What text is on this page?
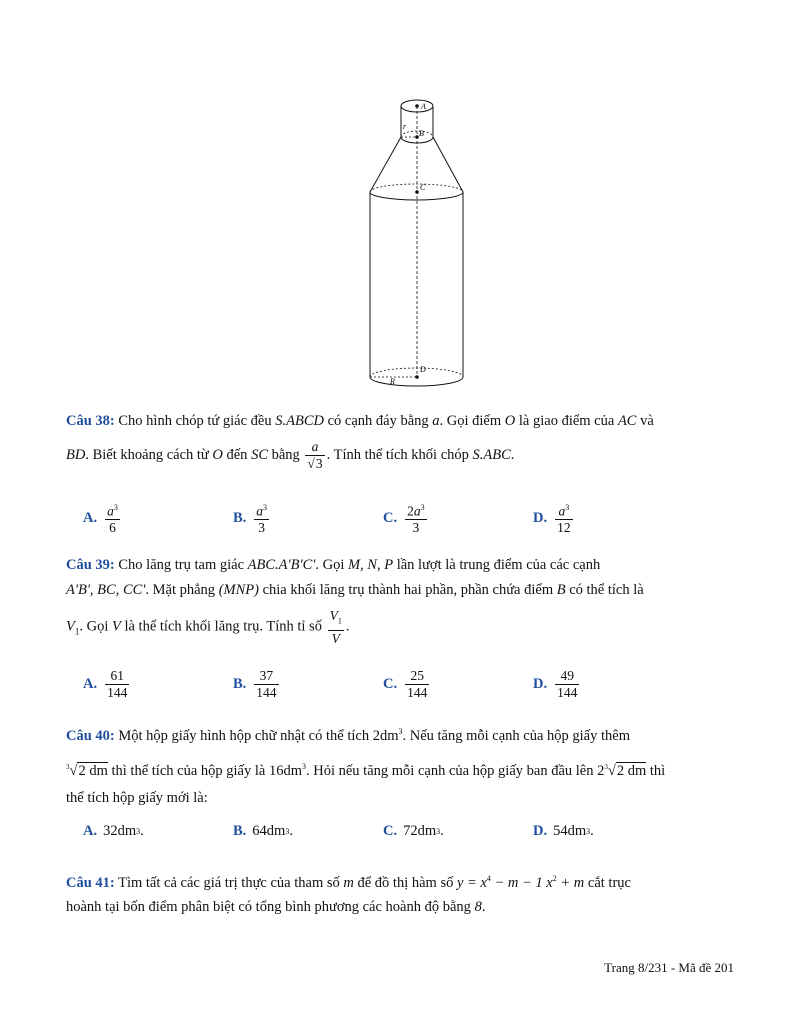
A
r
B
C
D
R
Câu 38: Cho hình chóp tứ giác đều S.ABCD có cạnh đáy bằng a. Gọi điểm O là giao điểm của AC và
BD. Biết khoảng cách từ O đến SC bằng $\frac{a}{√3}$ . Tính thể tích khối chóp S.ABC.
A. $\frac{a^3}{6}$	B. $\frac{a^3}{3}$	C. $\frac{2a^3}{3}$	D. $\frac{a^3}{12}$
Câu 39: Cho lăng trụ tam giác ABC.A'B'C'. Gọi M, N, P lần lượt là trung điểm của các cạnh
A'B', BC, CC'. Mặt phẳng (MNP) chia khối lăng trụ thành hai phần, phần chứa điểm B có thể tích là
$V_1$. Gọi V là thể tích khối lăng trụ. Tính tỉ số $\frac{V_1}{V}$ .
A. $\frac{61}{144}$	B. $\frac{37}{144}$	C. $\frac{25}{144}$	D. $\frac{49}{144}$
Câu 40: Một hộp giấy hình hộp chữ nhật có thể tích $2dm^3$. Nếu tăng mỗi cạnh của hộp giấy thêm
$^3$√2 dm thì thể tích của hộp giấy là $16dm^3$. Hỏi nếu tăng mỗi cạnh của hộp giấy ban đầu lên $2^3√2$ dm thì
thể tích hộp giấy mới là:
A. 32dm 3 .	B. 64dm 3 .	C. 72dm 3 .	D. 54dm 3 .
Câu 41: Tìm tất cả các giá trị thực của tham số m để đồ thị hàm số $y = x^4 - m - 1$ $x^2 + m$ cắt trục
hoành tại bốn điểm phân biệt có tổng bình phương các hoành độ bằng 8.
Trang 8/231 - Mã đề 201
